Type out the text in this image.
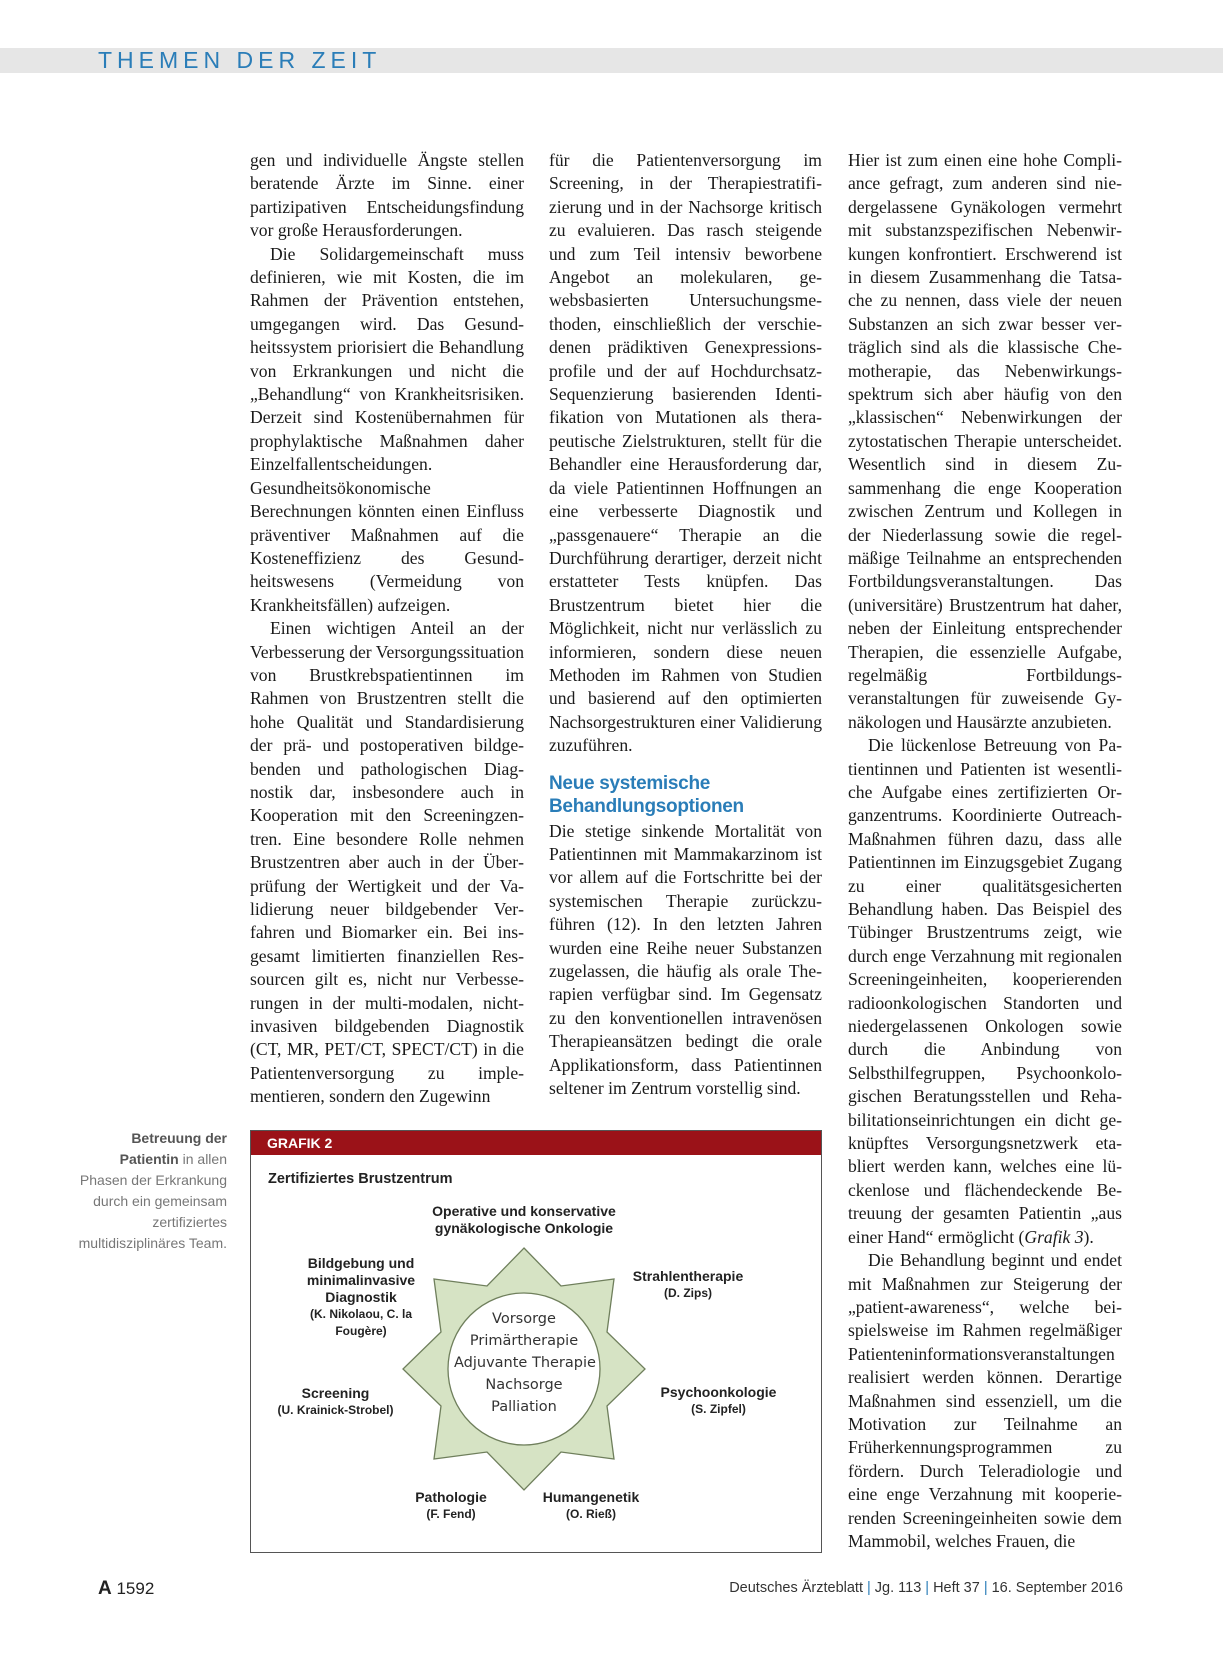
THEMEN DER ZEIT

gen und individuelle Ängste stellen beratende Ärzte im Sinne. einer partizipativen Entscheidungsfindung vor große Herausforderungen.

Die Solidargemeinschaft muss definieren, wie mit Kosten, die im Rahmen der Prävention entstehen, umgegangen wird. Das Gesundheitssystem priorisiert die Behandlung von Erkrankungen und nicht die „Behandlung“ von Krankheitsrisiken. Derzeit sind Kostenübernahmen für prophylaktische Maßnahmen daher Einzelfallentscheidungen. Gesundheitsökonomische Berechnungen könnten einen Einfluss präventiver Maßnahmen auf die Kosteneffizienz des Gesundheitswesens (Vermeidung von Krankheitsfällen) aufzeigen.

Einen wichtigen Anteil an der Verbesserung der Versorgungssituation von Brustkrebspatientinnen im Rahmen von Brustzentren stellt die hohe Qualität und Standardisierung der prä- und postoperativen bildgebenden und pathologischen Diagnostik dar, insbesondere auch in Kooperation mit den Screeningzentren. Eine besondere Rolle nehmen Brustzentren aber auch in der Überprüfung der Wertigkeit und der Validierung neuer bildgebender Verfahren und Biomarker ein. Bei insgesamt limitierten finanziellen Ressourcen gilt es, nicht nur Verbesserungen in der multi-modalen, nicht-invasiven bildgebenden Diagnostik (CT, MR, PET/CT, SPECT/CT) in die Patientenversorgung zu implementieren, sondern den Zugewinn

für die Patientenversorgung im Screening, in der Therapiestratifizierung und in der Nachsorge kritisch zu evaluieren. Das rasch steigende und zum Teil intensiv beworbene Angebot an molekularen, gewebsbasierten Untersuchungsmethoden, einschließlich der verschiedenen prädiktiven Genexpressionsprofile und der auf Hochdurchsatz-Sequenzierung basierenden Identifikation von Mutationen als therapeutische Zielstrukturen, stellt für die Behandler eine Herausforderung dar, da viele Patientinnen Hoffnungen an eine verbesserte Diagnostik und „passgenauere“ Therapie an die Durchführung derartiger, derzeit nicht erstatteter Tests knüpfen. Das Brustzentrum bietet hier die Möglichkeit, nicht nur verlässlich zu informieren, sondern diese neuen Methoden im Rahmen von Studien und basierend auf den optimierten Nachsorgestrukturen einer Validierung zuzuführen.

Neue systemische Behandlungsoptionen

Die stetige sinkende Mortalität von Patientinnen mit Mammakarzinom ist vor allem auf die Fortschritte bei der systemischen Therapie zurückzuführen (12). In den letzten Jahren wurden eine Reihe neuer Substanzen zugelassen, die häufig als orale Therapien verfügbar sind. Im Gegensatz zu den konventionellen intravenösen Therapieansätzen bedingt die orale Applikationsform, dass Patientinnen seltener im Zentrum vorstellig sind.

Hier ist zum einen eine hohe Compliance gefragt, zum anderen sind niedergelassene Gynäkologen vermehrt mit substanzspezifischen Nebenwirkungen konfrontiert. Erschwerend ist in diesem Zusammenhang die Tatsache zu nennen, dass viele der neuen Substanzen an sich zwar besser verträglich sind als die klassische Chemotherapie, das Nebenwirkungsspektrum sich aber häufig von den „klassischen“ Nebenwirkungen der zytostatischen Therapie unterscheidet. Wesentlich sind in diesem Zusammenhang die enge Kooperation zwischen Zentrum und Kollegen in der Niederlassung sowie die regelmäßige Teilnahme an entsprechenden Fortbildungsveranstaltungen. Das (universitäre) Brustzentrum hat daher, neben der Einleitung entsprechender Therapien, die essenzielle Aufgabe, regelmäßig Fortbildungsveranstaltungen für zuweisende Gynäkologen und Hausärzte anzubieten.

Die lückenlose Betreuung von Patientinnen und Patienten ist wesentliche Aufgabe eines zertifizierten Organzentrums. Koordinierte Outreach-Maßnahmen führen dazu, dass alle Patientinnen im Einzugsgebiet Zugang zu einer qualitätsgesicherten Behandlung haben. Das Beispiel des Tübinger Brustzentrums zeigt, wie durch enge Verzahnung mit regionalen Screeningeinheiten, kooperierenden radioonkologischen Standorten und niedergelassenen Onkologen sowie durch die Anbindung von Selbsthilfegruppen, Psychoonkologischen Beratungsstellen und Rehabilitationseinrichtungen ein dicht geknüpftes Versorgungsnetzwerk etabliert werden kann, welches eine lückenlose und flächendeckende Betreuung der gesamten Patientin „aus einer Hand“ ermöglicht (Grafik 3).

Die Behandlung beginnt und endet mit Maßnahmen zur Steigerung der „patient-awareness“, welche beispielsweise im Rahmen regelmäßiger Patienteninformationsveranstaltungen realisiert werden können. Derartige Maßnahmen sind essenziell, um die Motivation zur Teilnahme an Früherkennungsprogrammen zu fördern. Durch Teleradiologie und eine enge Verzahnung mit kooperierenden Screeningeinheiten sowie dem Mammobil, welches Frauen, die

Betreuung der Patientin in allen Phasen der Erkrankung durch ein gemeinsam zertifiziertes multidisziplinäres Team.
GRAFIK 2
Zertifiziertes Brustzentrum
Vorsorge
Primärtherapie
Adjuvante Therapie
Nachsorge
Palliation
Operative und konservative gynäkologische Onkologie
Bildgebung und minimalinvasive Diagnostik
(K. Nikolaou, C. la Fougère)
Strahlentherapie
(D. Zips)
Screening
(U. Krainick-Strobel)
Psychoonkologie
(S. Zipfel)
Pathologie
(F. Fend)
Humangenetik
(O. Rieß)
A 1592	Deutsches Ärzteblatt | Jg. 113 | Heft 37 | 16. September 2016
